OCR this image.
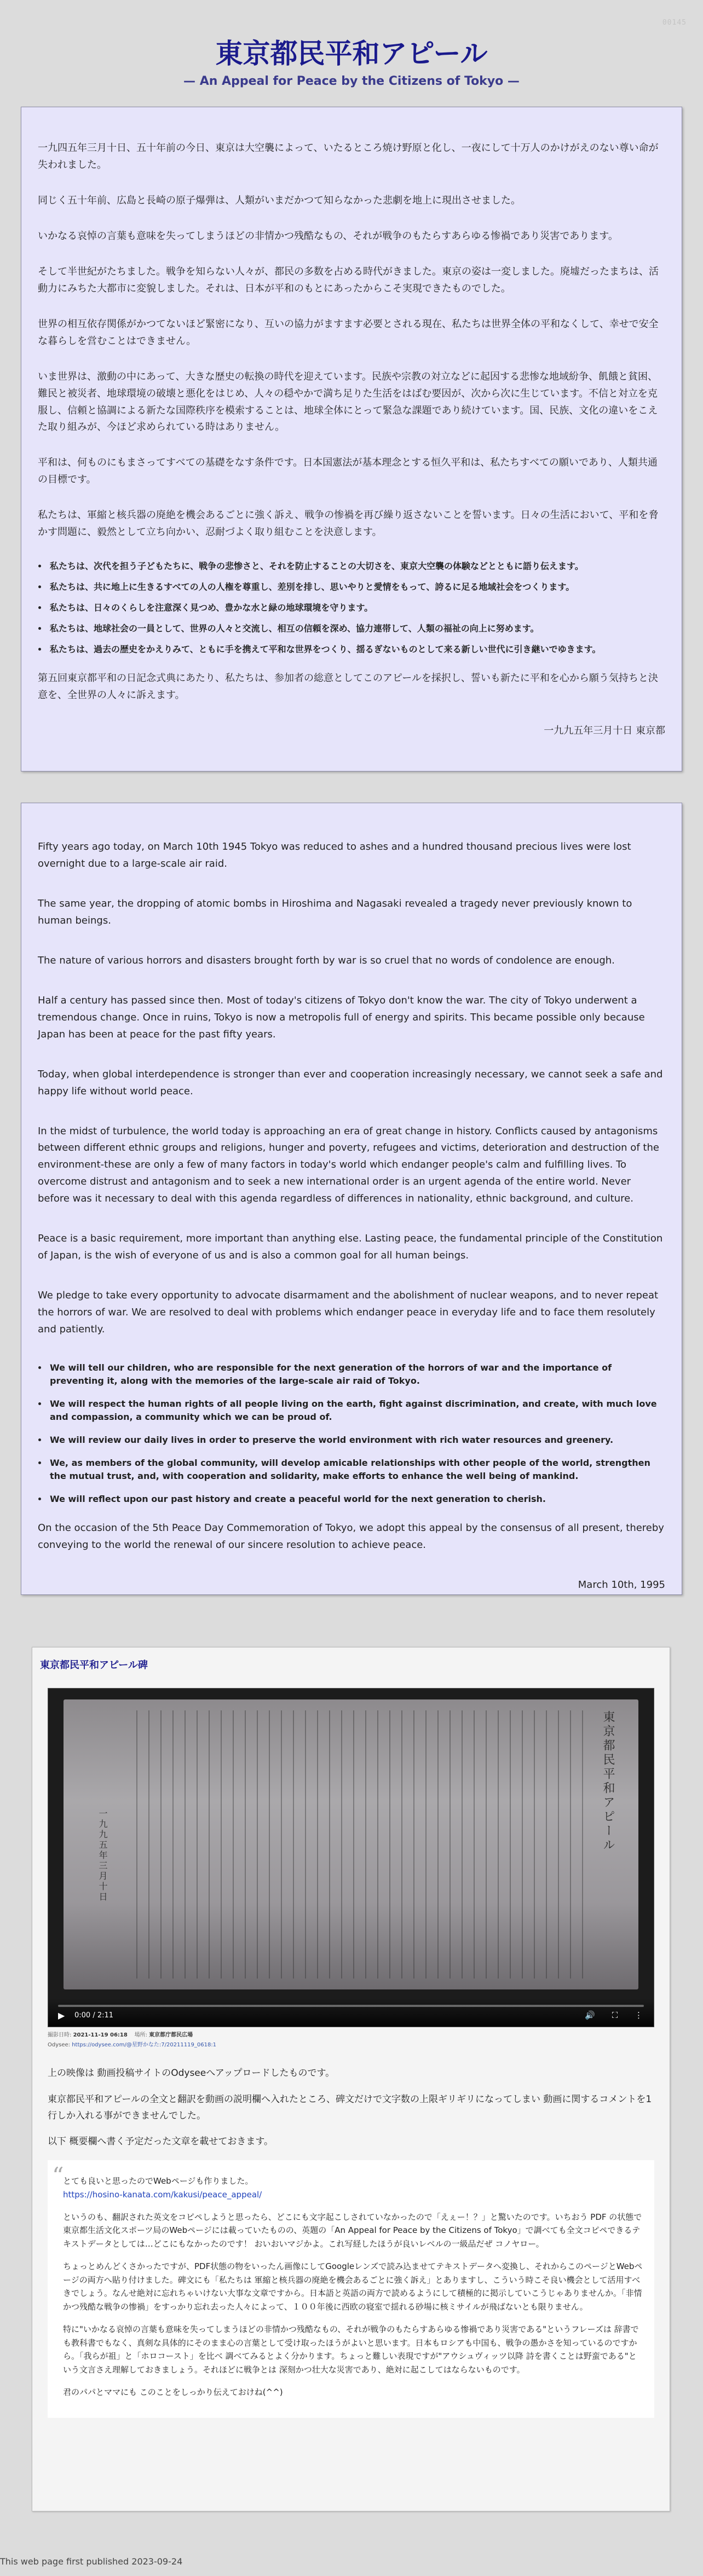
00145
東京都民平和アピール
— An Appeal for Peace by the Citizens of Tokyo —

一九四五年三月十日、五十年前の今日、東京は大空襲によって、いたるところ焼け野原と化し、一夜にして十万人のかけがえのない尊い命が失われました。

同じく五十年前、広島と長崎の原子爆弾は、人類がいまだかつて知らなかった悲劇を地上に現出させました。

いかなる哀悼の言葉も意味を失ってしまうほどの非情かつ残酷なもの、それが戦争のもたらすあらゆる惨禍であり災害であります。

そして半世紀がたちました。戦争を知らない人々が、都民の多数を占める時代がきました。東京の姿は一変しました。廃墟だったまちは、活動力にみちた大都市に変貌しました。それは、日本が平和のもとにあったからこそ実現できたものでした。

世界の相互依存関係がかつてないほど緊密になり、互いの協力がますます必要とされる現在、私たちは世界全体の平和なくして、幸せで安全な暮らしを営むことはできません。

いま世界は、激動の中にあって、大きな歴史の転換の時代を迎えています。民族や宗教の対立などに起因する悲惨な地域紛争、飢餓と貧困、難民と被災者、地球環境の破壊と悪化をはじめ、人々の穏やかで満ち足りた生活をはばむ要因が、次から次に生じています。不信と対立を克服し、信頼と協調による新たな国際秩序を模索することは、地球全体にとって緊急な課題であり続けています。国、民族、文化の違いをこえた取り組みが、今ほど求められている時はありません。

平和は、何ものにもまさってすべての基礎をなす条件です。日本国憲法が基本理念とする恒久平和は、私たちすべての願いであり、人類共通の目標です。

私たちは、軍縮と核兵器の廃絶を機会あるごとに強く訴え、戦争の惨禍を再び繰り返さないことを誓います。日々の生活において、平和を脅かす問題に、毅然として立ち向かい、忍耐づよく取り組むことを決意します。

• 私たちは、次代を担う子どもたちに、戦争の悲惨さと、それを防止することの大切さを、東京大空襲の体験などとともに語り伝えます。
• 私たちは、共に地上に生きるすべての人の人権を尊重し、差別を排し、思いやりと愛情をもって、誇るに足る地域社会をつくります。
• 私たちは、日々のくらしを注意深く見つめ、豊かな水と緑の地球環境を守ります。
• 私たちは、地球社会の一員として、世界の人々と交流し、相互の信頼を深め、協力連帯して、人類の福祉の向上に努めます。
• 私たちは、過去の歴史をかえりみて、ともに手を携えて平和な世界をつくり、揺るぎないものとして来る新しい世代に引き継いでゆきます。

第五回東京都平和の日記念式典にあたり、私たちは、参加者の総意としてこのアピールを採択し、誓いも新たに平和を心から願う気持ちと決意を、全世界の人々に訴えます。

一九九五年三月十日 東京都

Fifty years ago today, on March 10th 1945 Tokyo was reduced to ashes and a hundred thousand precious lives were lost overnight due to a large-scale air raid.

The same year, the dropping of atomic bombs in Hiroshima and Nagasaki revealed a tragedy never previously known to human beings.

The nature of various horrors and disasters brought forth by war is so cruel that no words of condolence are enough.

Half a century has passed since then. Most of today's citizens of Tokyo don't know the war. The city of Tokyo underwent a tremendous change. Once in ruins, Tokyo is now a metropolis full of energy and spirits. This became possible only because Japan has been at peace for the past fifty years.

Today, when global interdependence is stronger than ever and cooperation increasingly necessary, we cannot seek a safe and happy life without world peace.

In the midst of turbulence, the world today is approaching an era of great change in history. Conflicts caused by antagonisms between different ethnic groups and religions, hunger and poverty, refugees and victims, deterioration and destruction of the environment-these are only a few of many factors in today's world which endanger people's calm and fulfilling lives. To overcome distrust and antagonism and to seek a new international order is an urgent agenda of the entire world. Never before was it necessary to deal with this agenda regardless of differences in nationality, ethnic background, and culture.

Peace is a basic requirement, more important than anything else. Lasting peace, the fundamental principle of the Constitution of Japan, is the wish of everyone of us and is also a common goal for all human beings.

We pledge to take every opportunity to advocate disarmament and the abolishment of nuclear weapons, and to never repeat the horrors of war. We are resolved to deal with problems which endanger peace in everyday life and to face them resolutely and patiently.

• We will tell our children, who are responsible for the next generation of the horrors of war and the importance of preventing it, along with the memories of the large-scale air raid of Tokyo.
• We will respect the human rights of all people living on the earth, fight against discrimination, and create, with much love and compassion, a community which we can be proud of.
• We will review our daily lives in order to preserve the world environment with rich water resources and greenery.
• We, as members of the global community, will develop amicable relationships with other people of the world, strengthen the mutual trust, and, with cooperation and solidarity, make efforts to enhance the well being of mankind.
• We will reflect upon our past history and create a peaceful world for the next generation to cherish.

On the occasion of the 5th Peace Day Commemoration of Tokyo, we adopt this appeal by the consensus of all present, thereby conveying to the world the renewal of our sincere resolution to achieve peace.

March 10th, 1995

東京都民平和アピール碑
東京都民平和アピール
一九九五年三月十日
▶ 0:00 / 2:11	🔊 ⛶ ⋮
撮影日時: 2021-11-19 06:18 場所: 東京都庁都民広場
Odysee: https://odysee.com/@星野かなた:7/20211119_0618:1

上の映像は 動画投稿サイトのOdyseeへアップロードしたものです。

東京都民平和アピールの全文と翻訳を動画の説明欄へ入れたところ、碑文だけで文字数の上限ギリギリになってしまい 動画に関するコメントを1行しか入れる事ができませんでした。

以下 概要欄へ書く予定だった文章を載せておきます。

“

とても良いと思ったのでWebページも作りました。
https://hosino-kanata.com/kakusi/peace_appeal/

というのも、翻訳された英文をコピペしようと思ったら、どこにも文字起こしされていなかったので「えぇー！？」と驚いたのです。いちおう PDF の状態で東京都生活文化スポーツ局のWebページには載っていたものの、英題の「An Appeal for Peace by the Citizens of Tokyo」で調べても全文コピペできるテキストデータとしては…どこにもなかったのです！ おいおいマジかよ。これ写経したほうが良いレベルの一級品だぜ コノヤロー。

ちょっとめんどくさかったですが、PDF状態の物をいったん画像にしてGoogleレンズで読み込ませてテキストデータへ変換し、それからこのページとWebページの両方へ貼り付けました。碑文にも「私たちは 軍縮と核兵器の廃絶を機会あるごとに強く訴え」とありますし、こういう時こそ良い機会として活用すべきでしょう。なんせ絶対に忘れちゃいけない大事な文章ですから。日本語と英語の両方で読めるようにして積極的に掲示していこうじゃありませんか。「非情かつ残酷な戦争の惨禍」をすっかり忘れ去った人々によって、１００年後に西欧の寝室で揺れる砂場に核ミサイルが飛ばないとも限りません。

特に"いかなる哀悼の言葉も意味を失ってしまうほどの非情かつ残酷なもの、それが戦争のもたらすあらゆる惨禍であり災害である"というフレーズは 辞書でも教科書でもなく、真剣な具体的にそのまま心の言葉として受け取ったほうがよいと思います。日本もロシアも中国も、戦争の愚かさを知っているのですから。「我らが祖」と「ホロコースト」を比べ 調べてみるとよく分かります。ちょっと難しい表現ですが"アウシュヴィッツ以降 詩を書くことは野蛮である"という文言さえ理解しておきましょう。それほどに戦争とは 深刻かつ壮大な災害であり、絶対に起こしてはならないものです。

君のパパとママにも このことをしっかり伝えておけね(^^)

This web page first published 2023-09-24
